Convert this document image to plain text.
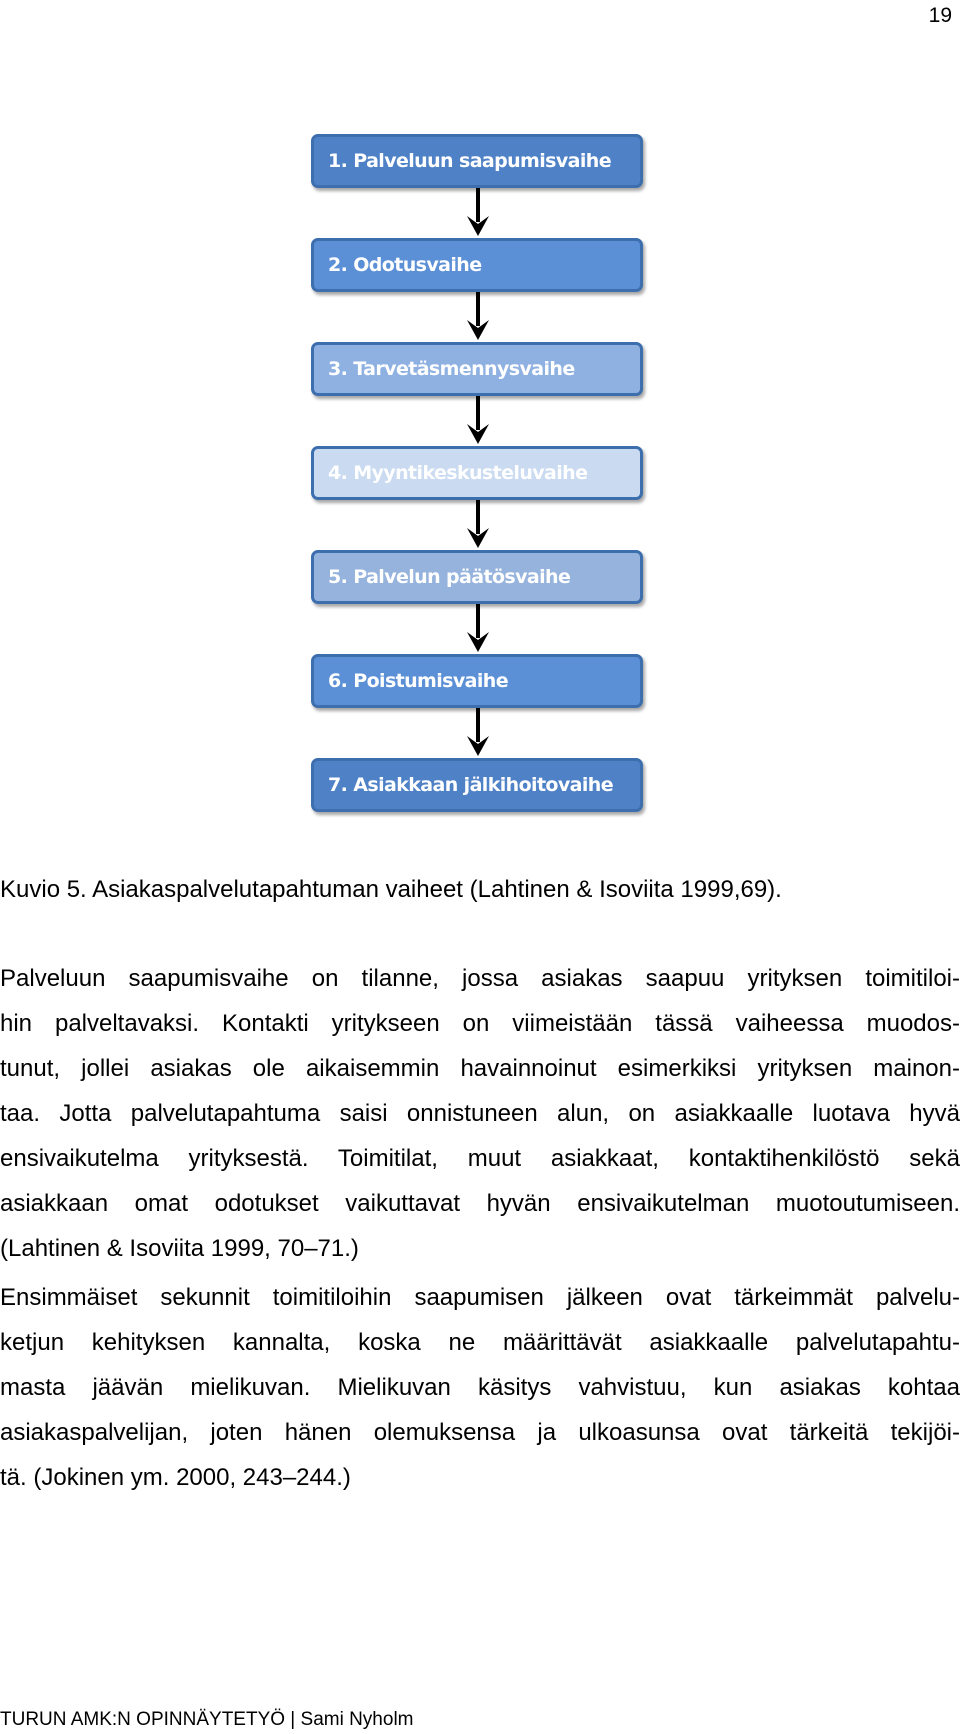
19
1. Palveluun saapumisvaihe
2. Odotusvaihe
3. Tarvetäsmennysvaihe
4. Myyntikeskusteluvaihe
5. Palvelun päätösvaihe
6. Poistumisvaihe
7. Asiakkaan jälkihoitovaihe
Kuvio 5. Asiakaspalvelutapahtuman vaiheet (Lahtinen & Isoviita 1999,69).
Palveluun saapumisvaihe on tilanne, jossa asiakas saapuu yrityksen toimitiloi-
hin palveltavaksi. Kontakti yritykseen on viimeistään tässä vaiheessa muodos-
tunut, jollei asiakas ole aikaisemmin havainnoinut esimerkiksi yrityksen mainon-
taa. Jotta palvelutapahtuma saisi onnistuneen alun, on asiakkaalle luotava hyvä
ensivaikutelma yrityksestä. Toimitilat, muut asiakkaat, kontaktihenkilöstö sekä
asiakkaan omat odotukset vaikuttavat hyvän ensivaikutelman muotoutumiseen.
(Lahtinen & Isoviita 1999, 70–71.)
Ensimmäiset sekunnit toimitiloihin saapumisen jälkeen ovat tärkeimmät palvelu-
ketjun kehityksen kannalta, koska ne määrittävät asiakkaalle palvelutapahtu-
masta jäävän mielikuvan. Mielikuvan käsitys vahvistuu, kun asiakas kohtaa
asiakaspalvelijan, joten hänen olemuksensa ja ulkoasunsa ovat tärkeitä tekijöi-
tä. (Jokinen ym. 2000, 243–244.)
TURUN AMK:N OPINNÄYTETYÖ | Sami Nyholm
